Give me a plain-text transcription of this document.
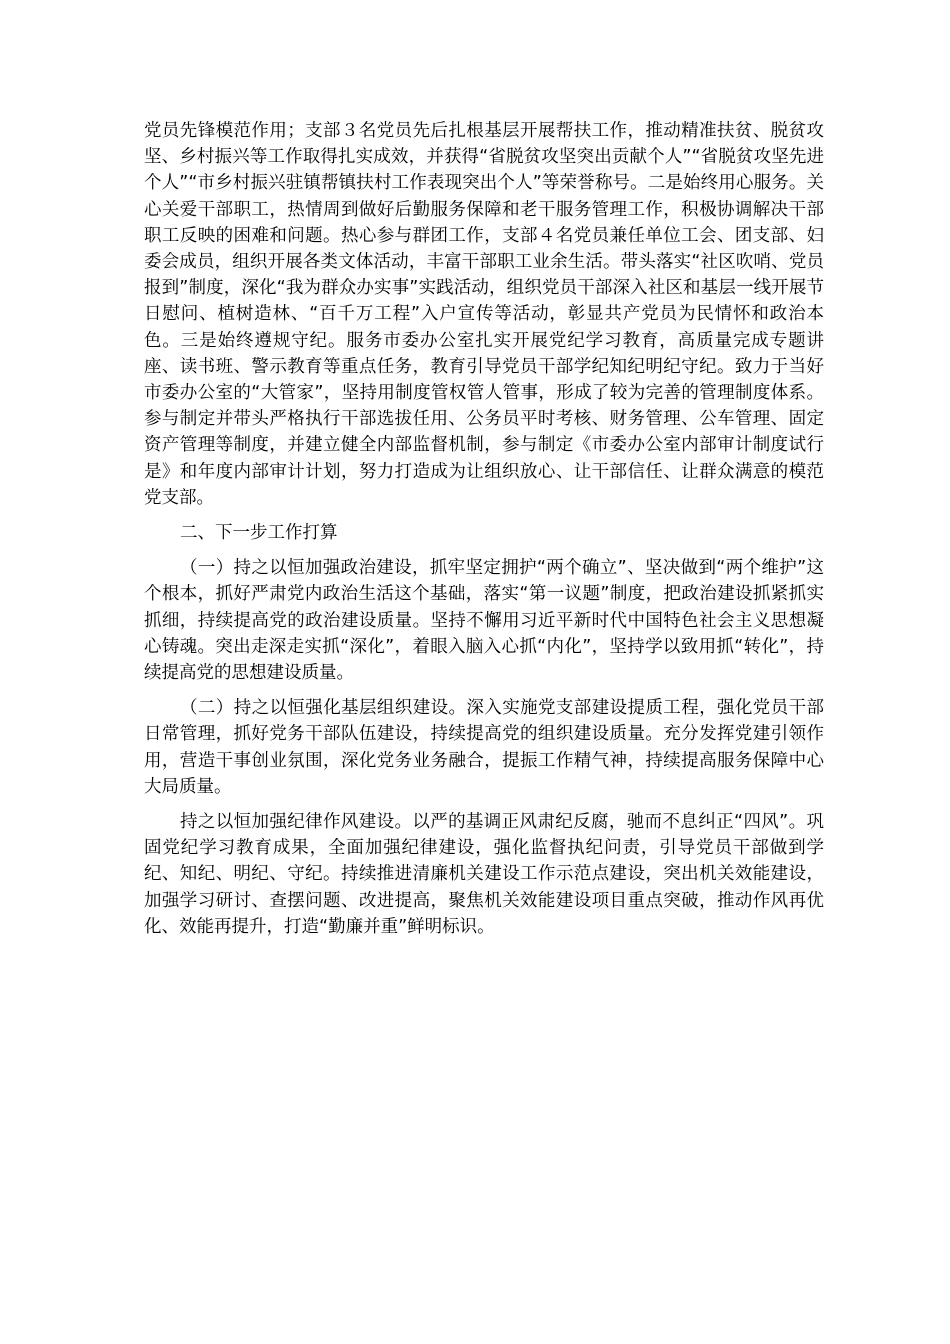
党员先锋模范作用；支部３名党员先后扎根基层开展帮扶工作，推动精准扶贫、脱贫攻坚、乡村振兴等工作取得扎实成效，并获得“省脱贫攻坚突出贡献个人”“省脱贫攻坚先进个人”“市乡村振兴驻镇帮镇扶村工作表现突出个人”等荣誉称号。二是始终用心服务。关心关爱干部职工，热情周到做好后勤服务保障和老干服务管理工作，积极协调解决干部职工反映的困难和问题。热心参与群团工作，支部４名党员兼任单位工会、团支部、妇委会成员，组织开展各类文体活动，丰富干部职工业余生活。带头落实“社区吹哨、党员报到”制度，深化“我为群众办实事”实践活动，组织党员干部深入社区和基层一线开展节日慰问、植树造林、“百千万工程”入户宣传等活动，彰显共产党员为民情怀和政治本色。三是始终遵规守纪。服务市委办公室扎实开展党纪学习教育，高质量完成专题讲座、读书班、警示教育等重点任务，教育引导党员干部学纪知纪明纪守纪。致力于当好市委办公室的“大管家”，坚持用制度管权管人管事，形成了较为完善的管理制度体系。参与制定并带头严格执行干部选拔任用、公务员平时考核、财务管理、公车管理、固定资产管理等制度，并建立健全内部监督机制，参与制定《市委办公室内部审计制度试行是》和年度内部审计计划，努力打造成为让组织放心、让干部信任、让群众满意的模范党支部。

二、下一步工作打算

（一）持之以恒加强政治建设，抓牢坚定拥护“两个确立”、坚决做到“两个维护”这个根本，抓好严肃党内政治生活这个基础，落实“第一议题”制度，把政治建设抓紧抓实抓细，持续提高党的政治建设质量。坚持不懈用习近平新时代中国特色社会主义思想凝心铸魂。突出走深走实抓“深化”，着眼入脑入心抓“内化”，坚持学以致用抓“转化”，持续提高党的思想建设质量。

（二）持之以恒强化基层组织建设。深入实施党支部建设提质工程，强化党员干部日常管理，抓好党务干部队伍建设，持续提高党的组织建设质量。充分发挥党建引领作用，营造干事创业氛围，深化党务业务融合，提振工作精气神，持续提高服务保障中心大局质量。

持之以恒加强纪律作风建设。以严的基调正风肃纪反腐，驰而不息纠正“四风”。巩固党纪学习教育成果，全面加强纪律建设，强化监督执纪问责，引导党员干部做到学纪、知纪、明纪、守纪。持续推进清廉机关建设工作示范点建设，突出机关效能建设，加强学习研讨、查摆问题、改进提高，聚焦机关效能建设项目重点突破，推动作风再优化、效能再提升，打造“勤廉并重”鲜明标识。
